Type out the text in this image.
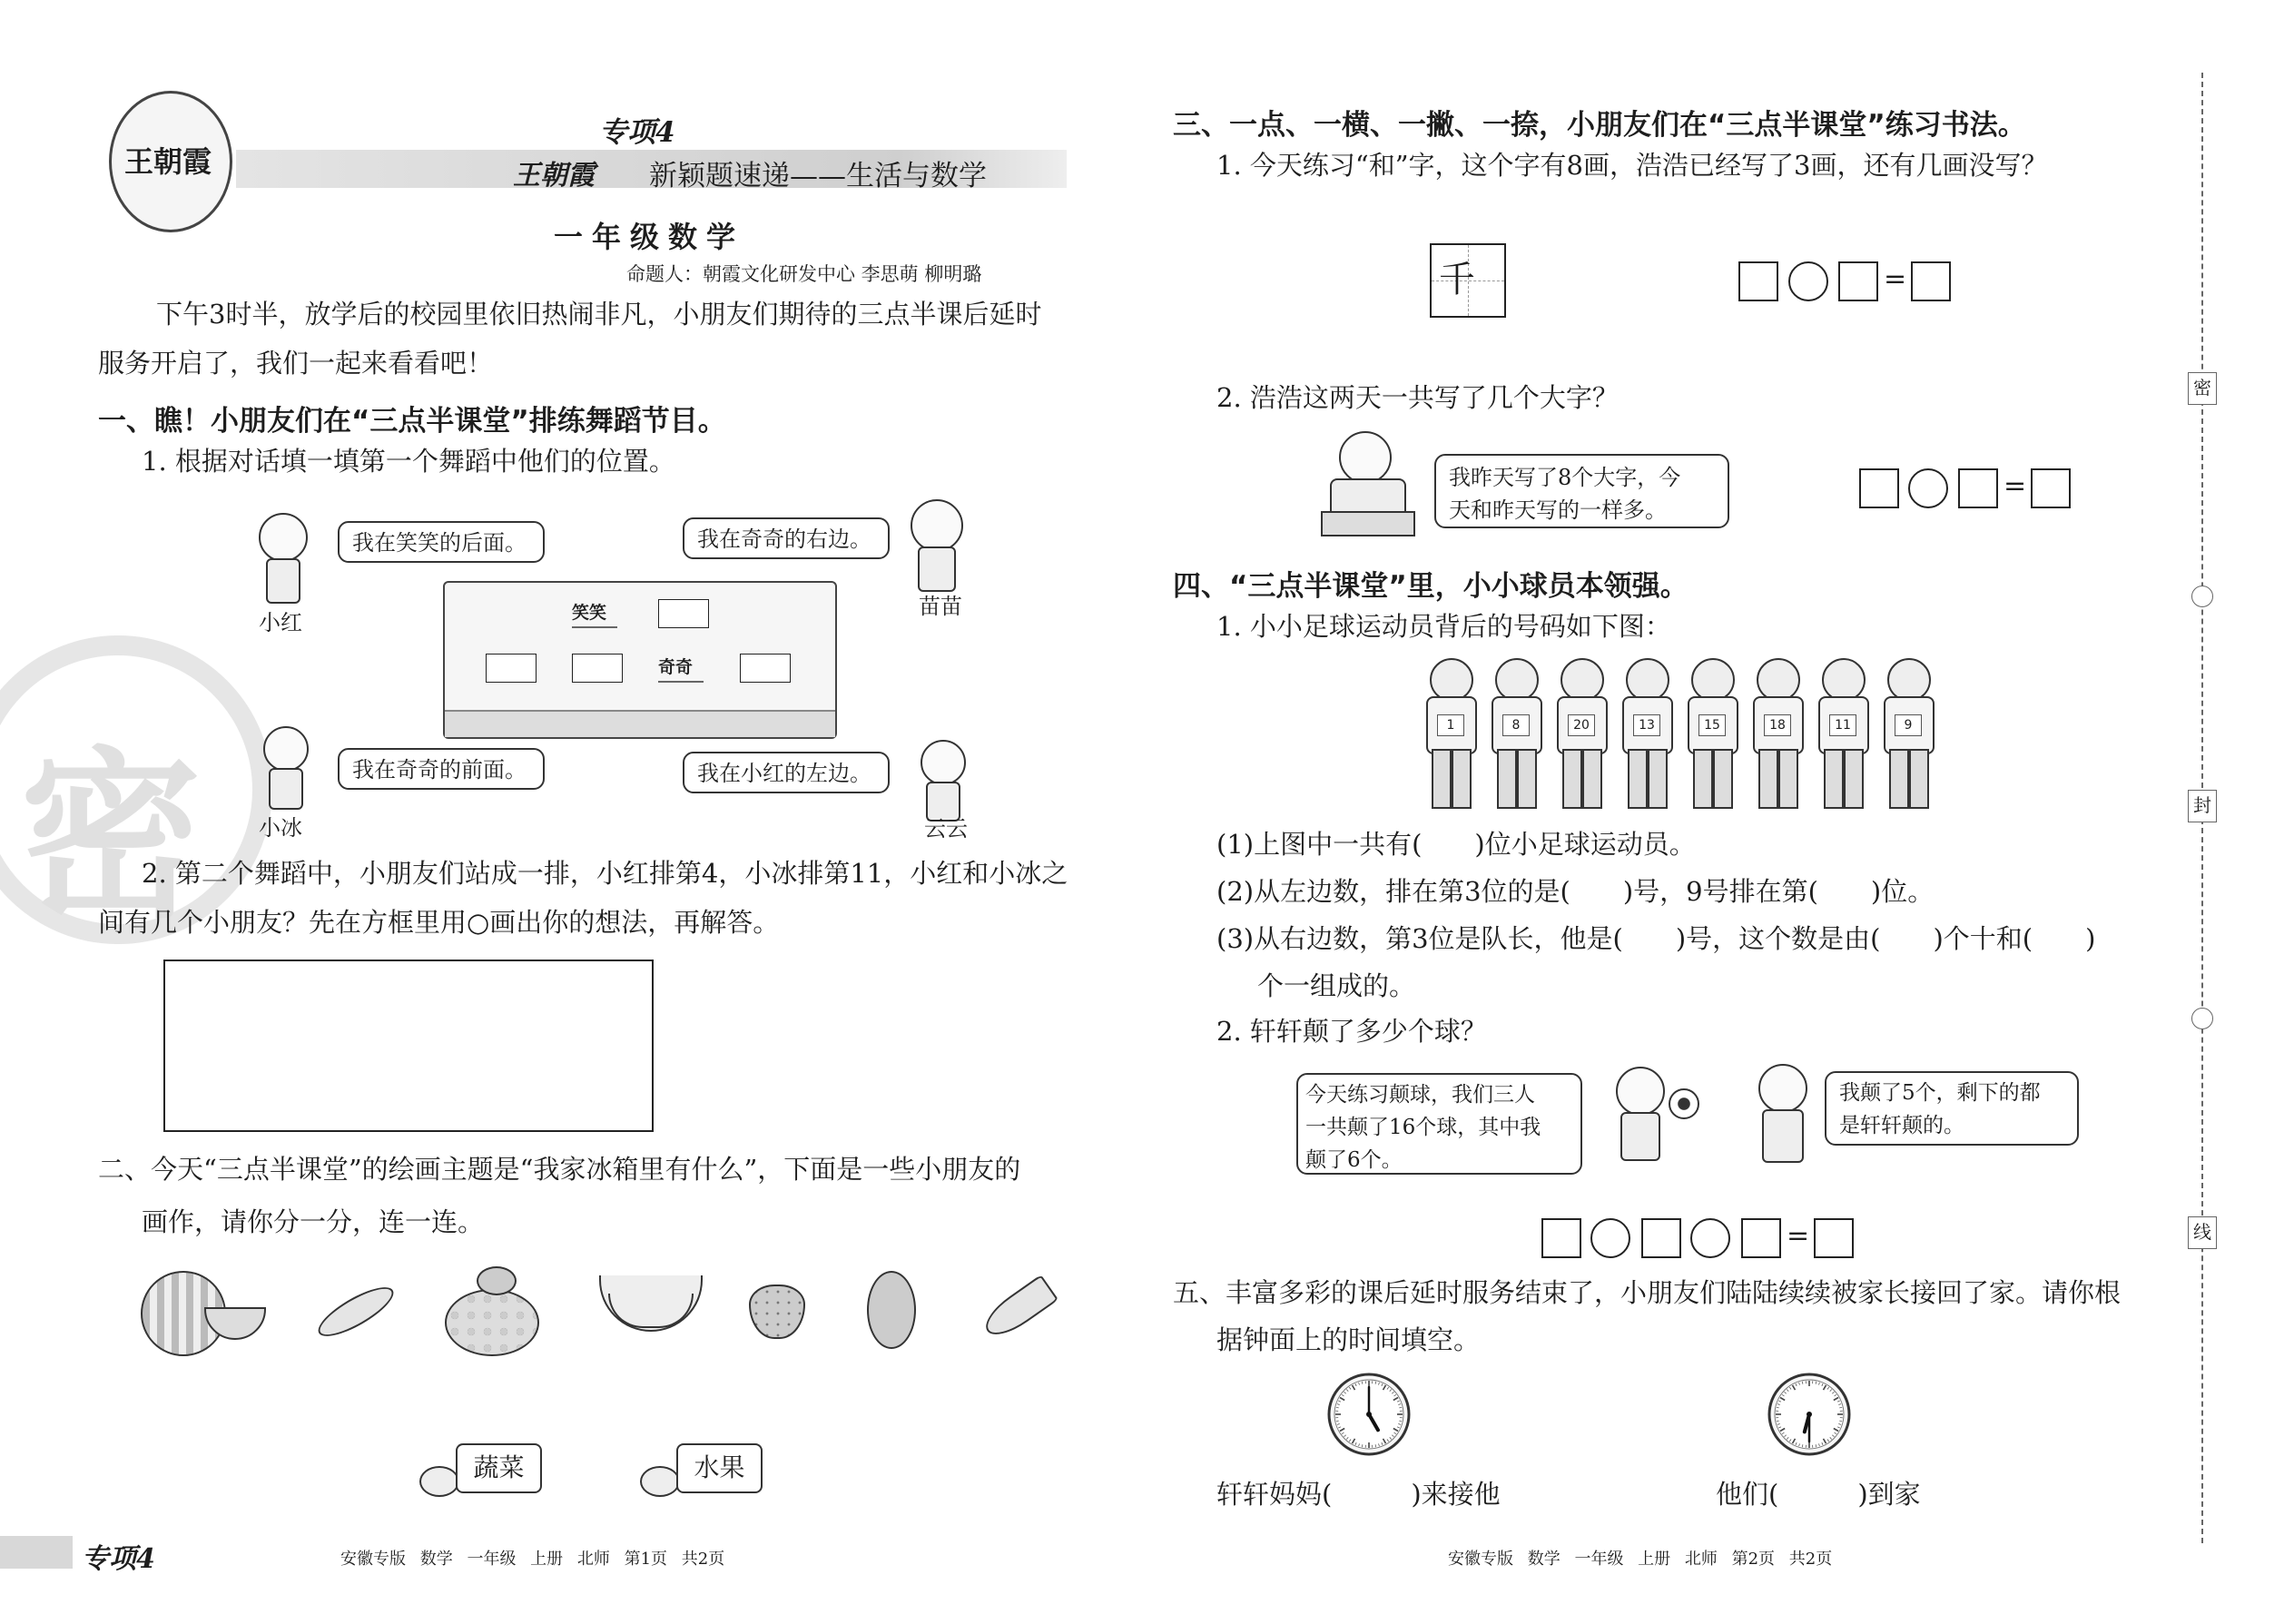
密
王朝霞
专项4
王朝霞 新颖题速递——生活与数学
一年级数学
命题人：朝霞文化研发中心 李思萌 柳明璐
下午3时半，放学后的校园里依旧热闹非凡，小朋友们期待的三点半课后延时
服务开启了，我们一起来看看吧！
一、瞧！小朋友们在“三点半课堂”排练舞蹈节目。
1. 根据对话填一填第一个舞蹈中他们的位置。
小红
我在笑笑的后面。
苗苗
我在奇奇的右边。
笑笑
奇奇
小冰
我在奇奇的前面。
云云
我在小红的左边。
2. 第二个舞蹈中，小朋友们站成一排，小红排第4，小冰排第11，小红和小冰之
间有几个小朋友？先在方框里用○画出你的想法，再解答。
二、今天“三点半课堂”的绘画主题是“我家冰箱里有什么”，下面是一些小朋友的
画作，请你分一分，连一连。
蔬菜	水果
专项4	安徽专版 数学 一年级 上册 北师 第1页 共2页
三、一点、一横、一撇、一捺，小朋友们在“三点半课堂”练习书法。
1. 今天练习“和”字，这个字有8画，浩浩已经写了3画，还有几画没写？
千	=
2. 浩浩这两天一共写了几个大字？
我昨天写了8个大字，今
天和昨天写的一样多。
=
四、“三点半课堂”里，小小球员本领强。
1. 小小足球运动员背后的号码如下图：
1	8	20	13	15	18	11	9
(1)上图中一共有(　　)位小足球运动员。
(2)从左边数，排在第3位的是(　　)号，9号排在第(　　)位。
(3)从右边数，第3位是队长，他是(　　)号，这个数是由(　　)个十和(　　)
个一组成的。
2. 轩轩颠了多少个球？
今天练习颠球，我们三人
一共颠了16个球，其中我
颠了6个。
我颠了5个，剩下的都
是轩轩颠的。
=
五、丰富多彩的课后延时服务结束了，小朋友们陆陆续续被家长接回了家。请你根
据钟面上的时间填空。
轩轩妈妈(　　　)来接他	他们(　　　)到家
安徽专版 数学 一年级 上册 北师 第2页 共2页
密
封
线
